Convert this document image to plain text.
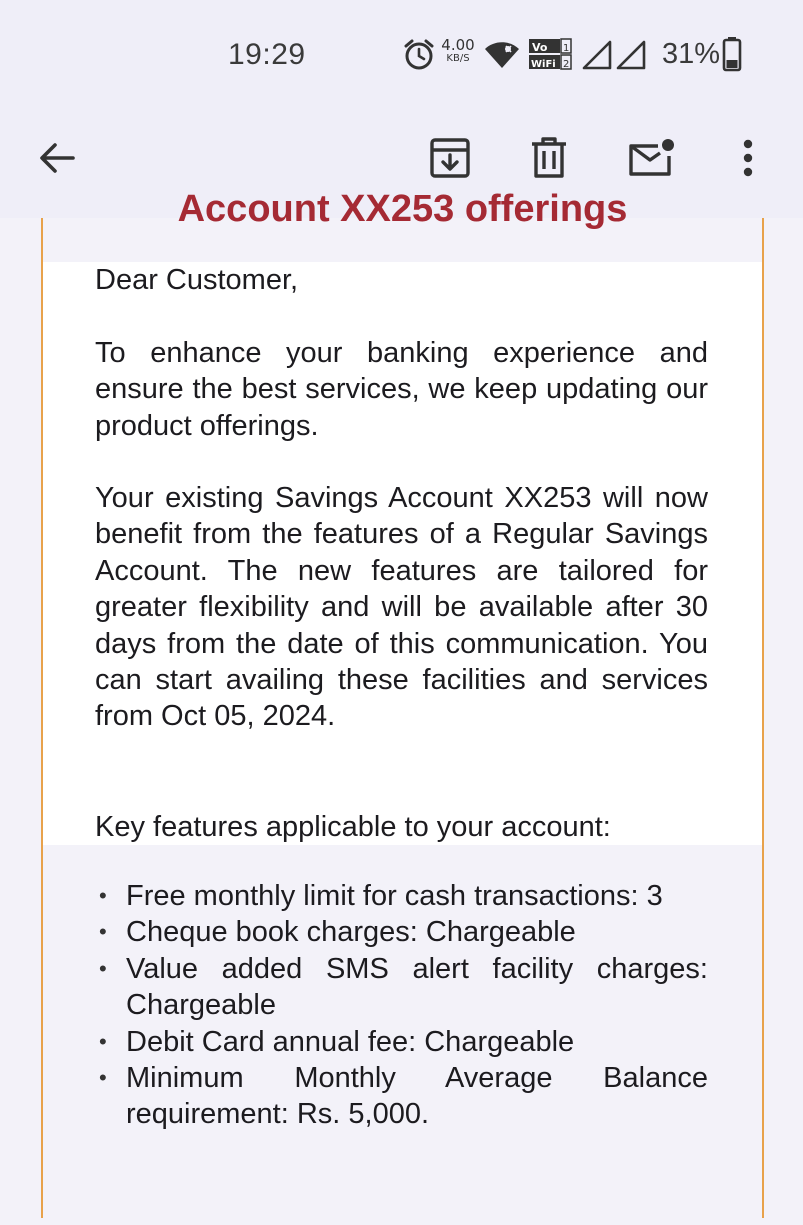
19:29	4.00
KB/S
Vo
WiFi
1
2	31%
Account XX253 offerings
Dear Customer,
To enhance your banking experience and ensure the best services, we keep updating our product offerings.
Your existing Savings Account XX253 will now benefit from the features of a Regular Savings Account. The new features are tailored for greater flexibility and will be available after 30 days from the date of this communication. You can start availing these facilities and services from Oct 05, 2024.
Key features applicable to your account:
• Free monthly limit for cash transactions: 3
• Cheque book charges: Chargeable
• Value added SMS alert facility charges: Chargeable
• Debit Card annual fee: Chargeable
• Minimum Monthly Average Balance requirement: Rs. 5,000.
